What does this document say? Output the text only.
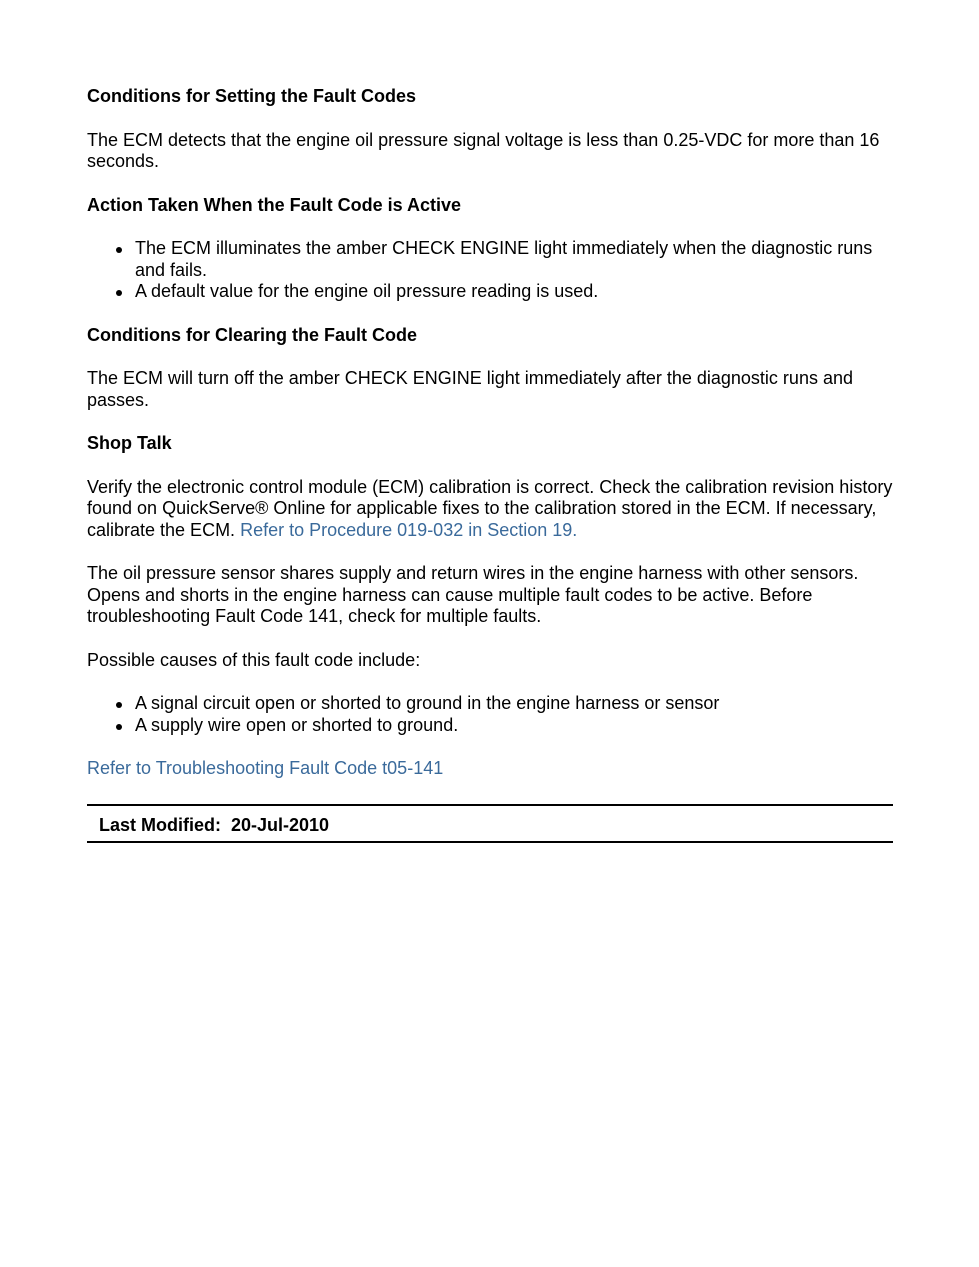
Conditions for Setting the Fault Codes
The ECM detects that the engine oil pressure signal voltage is less than 0.25-VDC for more than 16 seconds.
Action Taken When the Fault Code is Active
The ECM illuminates the amber CHECK ENGINE light immediately when the diagnostic runs and fails.
A default value for the engine oil pressure reading is used.
Conditions for Clearing the Fault Code
The ECM will turn off the amber CHECK ENGINE light immediately after the diagnostic runs and passes.
Shop Talk
Verify the electronic control module (ECM) calibration is correct. Check the calibration revision history found on QuickServe® Online for applicable fixes to the calibration stored in the ECM. If necessary, calibrate the ECM. Refer to Procedure 019-032 in Section 19.
The oil pressure sensor shares supply and return wires in the engine harness with other sensors. Opens and shorts in the engine harness can cause multiple fault codes to be active. Before troubleshooting Fault Code 141, check for multiple faults.
Possible causes of this fault code include:
A signal circuit open or shorted to ground in the engine harness or sensor
A supply wire open or shorted to ground.
Refer to Troubleshooting Fault Code t05-141
Last Modified:  20-Jul-2010
